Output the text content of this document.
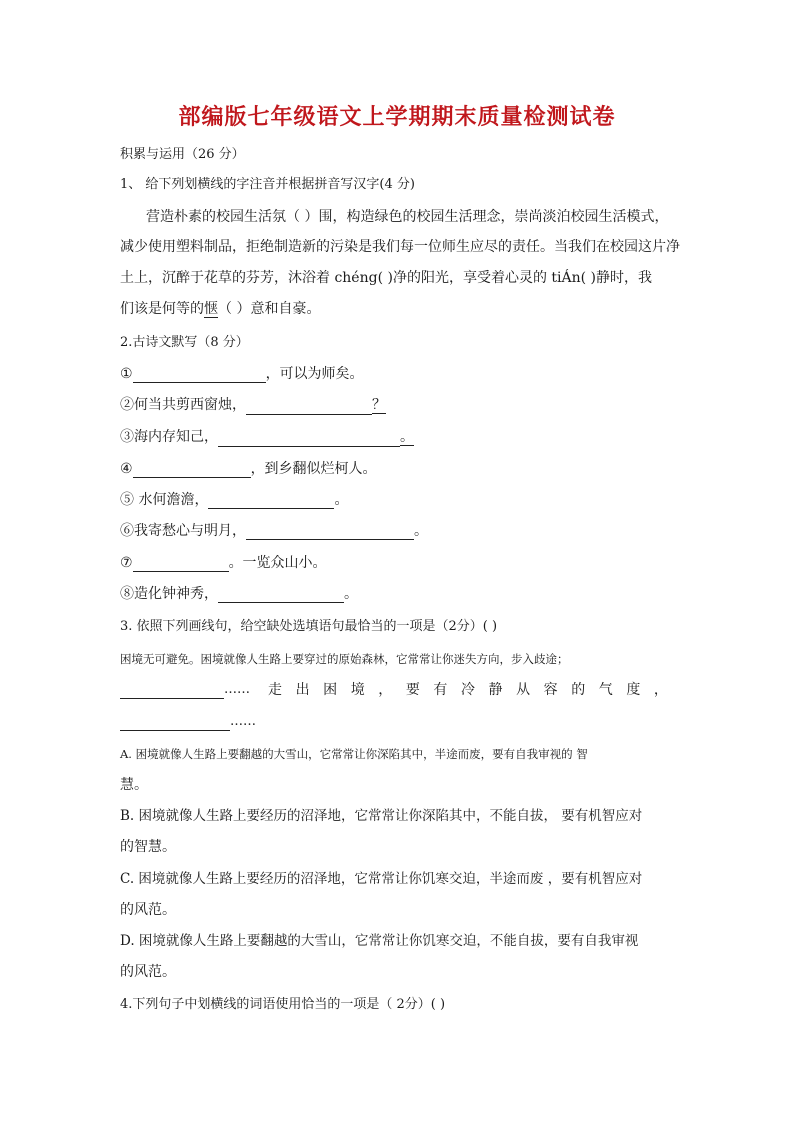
部编版七年级语文上学期期末质量检测试卷
积累与运用（26 分）
1、 给下列划横线的字注音并根据拼音写汉字(4 分)
营造朴素的校园生活氛（ ）围，构造绿色的校园生活理念，崇尚淡泊校园生活模式，
减少使用塑料制品，拒绝制造新的污染是我们每一位师生应尽的责任。当我们在校园这片净
土上，沉醉于花草的芬芳，沐浴着 chéng( )净的阳光，享受着心灵的 tiÁn( )静时，我
们该是何等的惬（ ）意和自豪。
2.古诗文默写（8 分）
①	，可以为师矣。
②何当共剪西窗烛，	？
③海内存知己，	。
④	，到乡翻似烂柯人。
⑤ 水何澹澹，	。
⑥我寄愁心与明月，	。
⑦	。一览众山小。
⑧造化钟神秀，	。
3. 依照下列画线句，给空缺处选填语句最恰当的一项是（2分）( )
困境无可避免。困境就像人生路上要穿过的原始森林，它常常让你迷失方向，步入歧途；
…… 走 出 困 境 ， 要 有 冷 静 从 容 的 气 度 ，
……
A. 困境就像人生路上要翻越的大雪山，它常常让你深陷其中，半途而废，要有自我审视的 智
慧。
B. 困境就像人生路上要经历的沼泽地，它常常让你深陷其中，不能自拔， 要有机智应对
的智慧。
C. 困境就像人生路上要经历的沼泽地，它常常让你饥寒交迫，半途而废 ，要有机智应对
的风范。
D. 困境就像人生路上要翻越的大雪山，它常常让你饥寒交迫，不能自拔，要有自我审视
的风范。
4.下列句子中划横线的词语使用恰当的一项是（ 2分）( )
